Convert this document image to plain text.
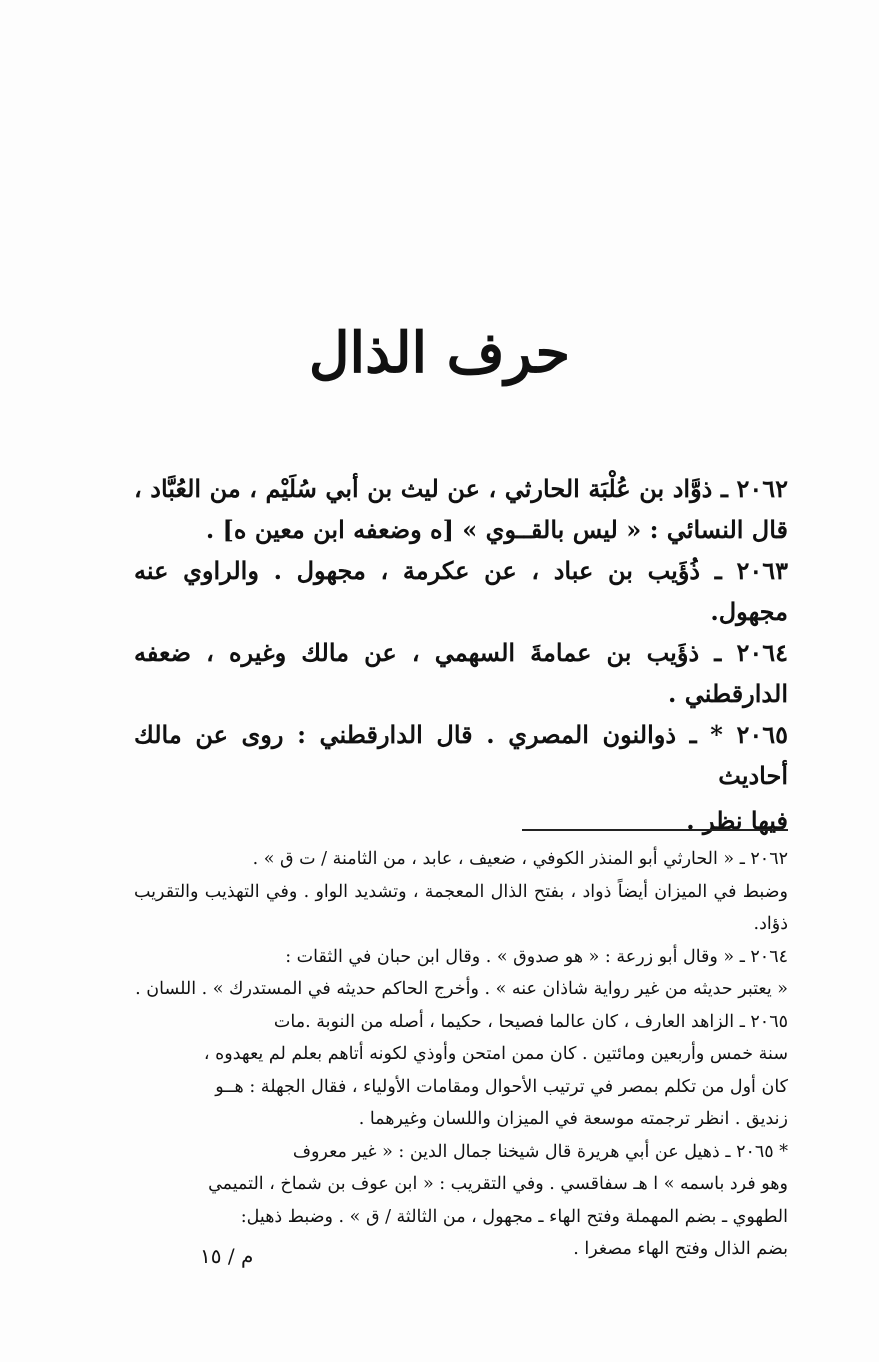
حرف الذال

٢٠٦٢ ـ ذوَّاد بن عُلْبَة الحارثي ، عن ليث بن أبي سُلَيْم ، من العُبَّاد ، قال النسائي : « ليس بالقــوي » [ه وضعفه ابن معين ه] .

٢٠٦٣ ـ ذُؤَيب بن عباد ، عن عكرمة ، مجهول . والراوي عنه مجهول.

٢٠٦٤ ـ ذؤَيب بن عمامةَ السهمي ، عن مالك وغيره ، ضعفه الدارقطني .

٢٠٦٥ * ـ ذوالنون المصري . قال الدارقطني : روى عن مالك أحاديث
فيها نظر .

٢٠٦٢ ـ « الحارثي أبو المنذر الكوفي ، ضعيف ، عابد ، من الثامنة / ت ق » .
وضبط في الميزان أيضاً ذواد ، بفتح الذال المعجمة ، وتشديد الواو . وفي التهذيب والتقريب ذؤاد.
٢٠٦٤ ـ « وقال أبو زرعة : « هو صدوق » . وقال ابن حبان في الثقات :
« يعتبر حديثه من غير رواية شاذان عنه » . وأخرج الحاكم حديثه في المستدرك » . اللسان .
٢٠٦٥ ـ الزاهد العارف ، كان عالما فصيحا ، حكيما ، أصله من النوبة .مات
سنة خمس وأربعين ومائتين . كان ممن امتحن وأوذي لكونه أتاهم بعلم لم يعهدوه ،
كان أول من تكلم بمصر في ترتيب الأحوال ومقامات الأولياء ، فقال الجهلة : هــو
زنديق . انظر ترجمته موسعة في الميزان واللسان وغيرهما .
* ٢٠٦٥ ـ ذهيل عن أبي هريرة قال شيخنا جمال الدين : « غير معروف
وهو فرد باسمه » ا هـ سفاقسي . وفي التقريب : « ابن عوف بن شماخ ، التميمي
الطهوي ـ بضم المهملة وفتح الهاء ـ مجهول ، من الثالثة / ق » . وضبط ذهيل:
بضم الذال وفتح الهاء مصغرا .
م / ١٥
